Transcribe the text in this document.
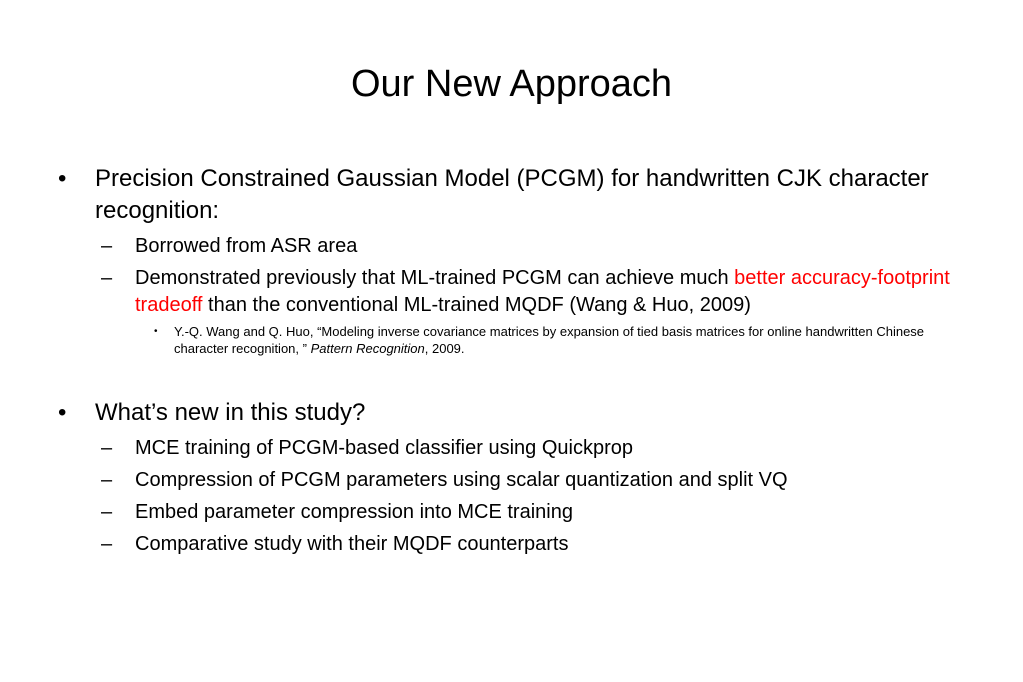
Our New Approach
•	Precision Constrained Gaussian Model (PCGM) for handwritten CJK character recognition:
– Borrowed from ASR area
– Demonstrated previously that ML-trained PCGM can achieve much better accuracy-footprint tradeoff than the conventional ML-trained MQDF (Wang & Huo, 2009)
• Y.-Q. Wang and Q. Huo, “Modeling inverse covariance matrices by expansion of tied basis matrices for online handwritten Chinese character recognition, ” Pattern Recognition, 2009.
•	What’s new in this study?
– MCE training of PCGM-based classifier using Quickprop
– Compression of PCGM parameters using scalar quantization and split VQ
– Embed parameter compression into MCE training
– Comparative study with their MQDF counterparts
